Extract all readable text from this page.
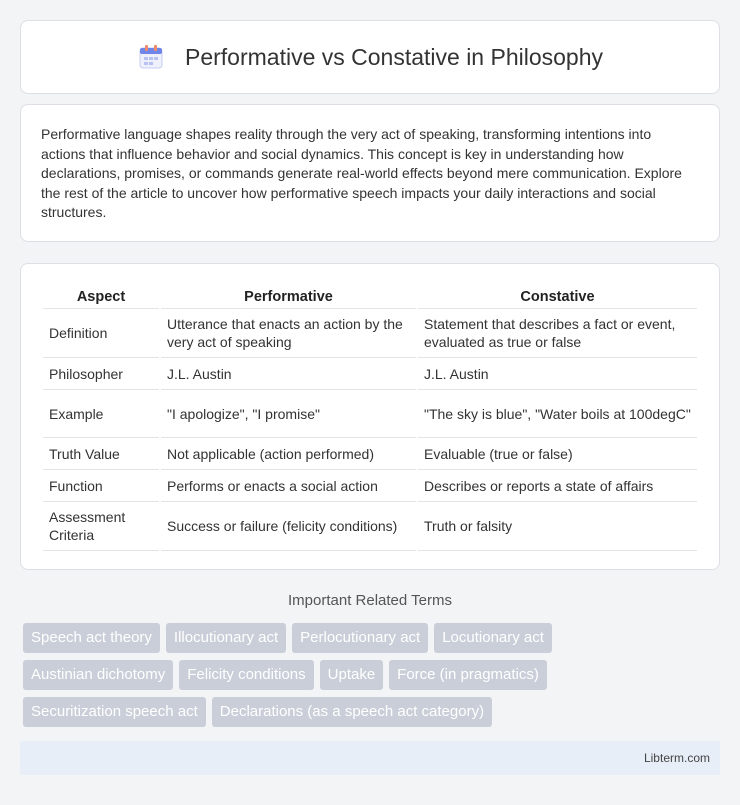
Performative vs Constative in Philosophy

Performative language shapes reality through the very act of speaking, transforming intentions into actions that influence behavior and social dynamics. This concept is key in understanding how declarations, promises, or commands generate real-world effects beyond mere communication. Explore the rest of the article to uncover how performative speech impacts your daily interactions and social structures.

Aspect	Performative	Constative
Definition	Utterance that enacts an action by the very act of speaking	Statement that describes a fact or event, evaluated as true or false
Philosopher	J.L. Austin	J.L. Austin
Example	"I apologize", "I promise"	"The sky is blue", "Water boils at 100degC"
Truth Value	Not applicable (action performed)	Evaluable (true or false)
Function	Performs or enacts a social action	Describes or reports a state of affairs
Assessment Criteria	Success or failure (felicity conditions)	Truth or falsity
Important Related Terms
Speech act theory	Illocutionary act	Perlocutionary act	Locutionary act
Austinian dichotomy	Felicity conditions	Uptake	Force (in pragmatics)
Securitization speech act	Declarations (as a speech act category)
Libterm.com
